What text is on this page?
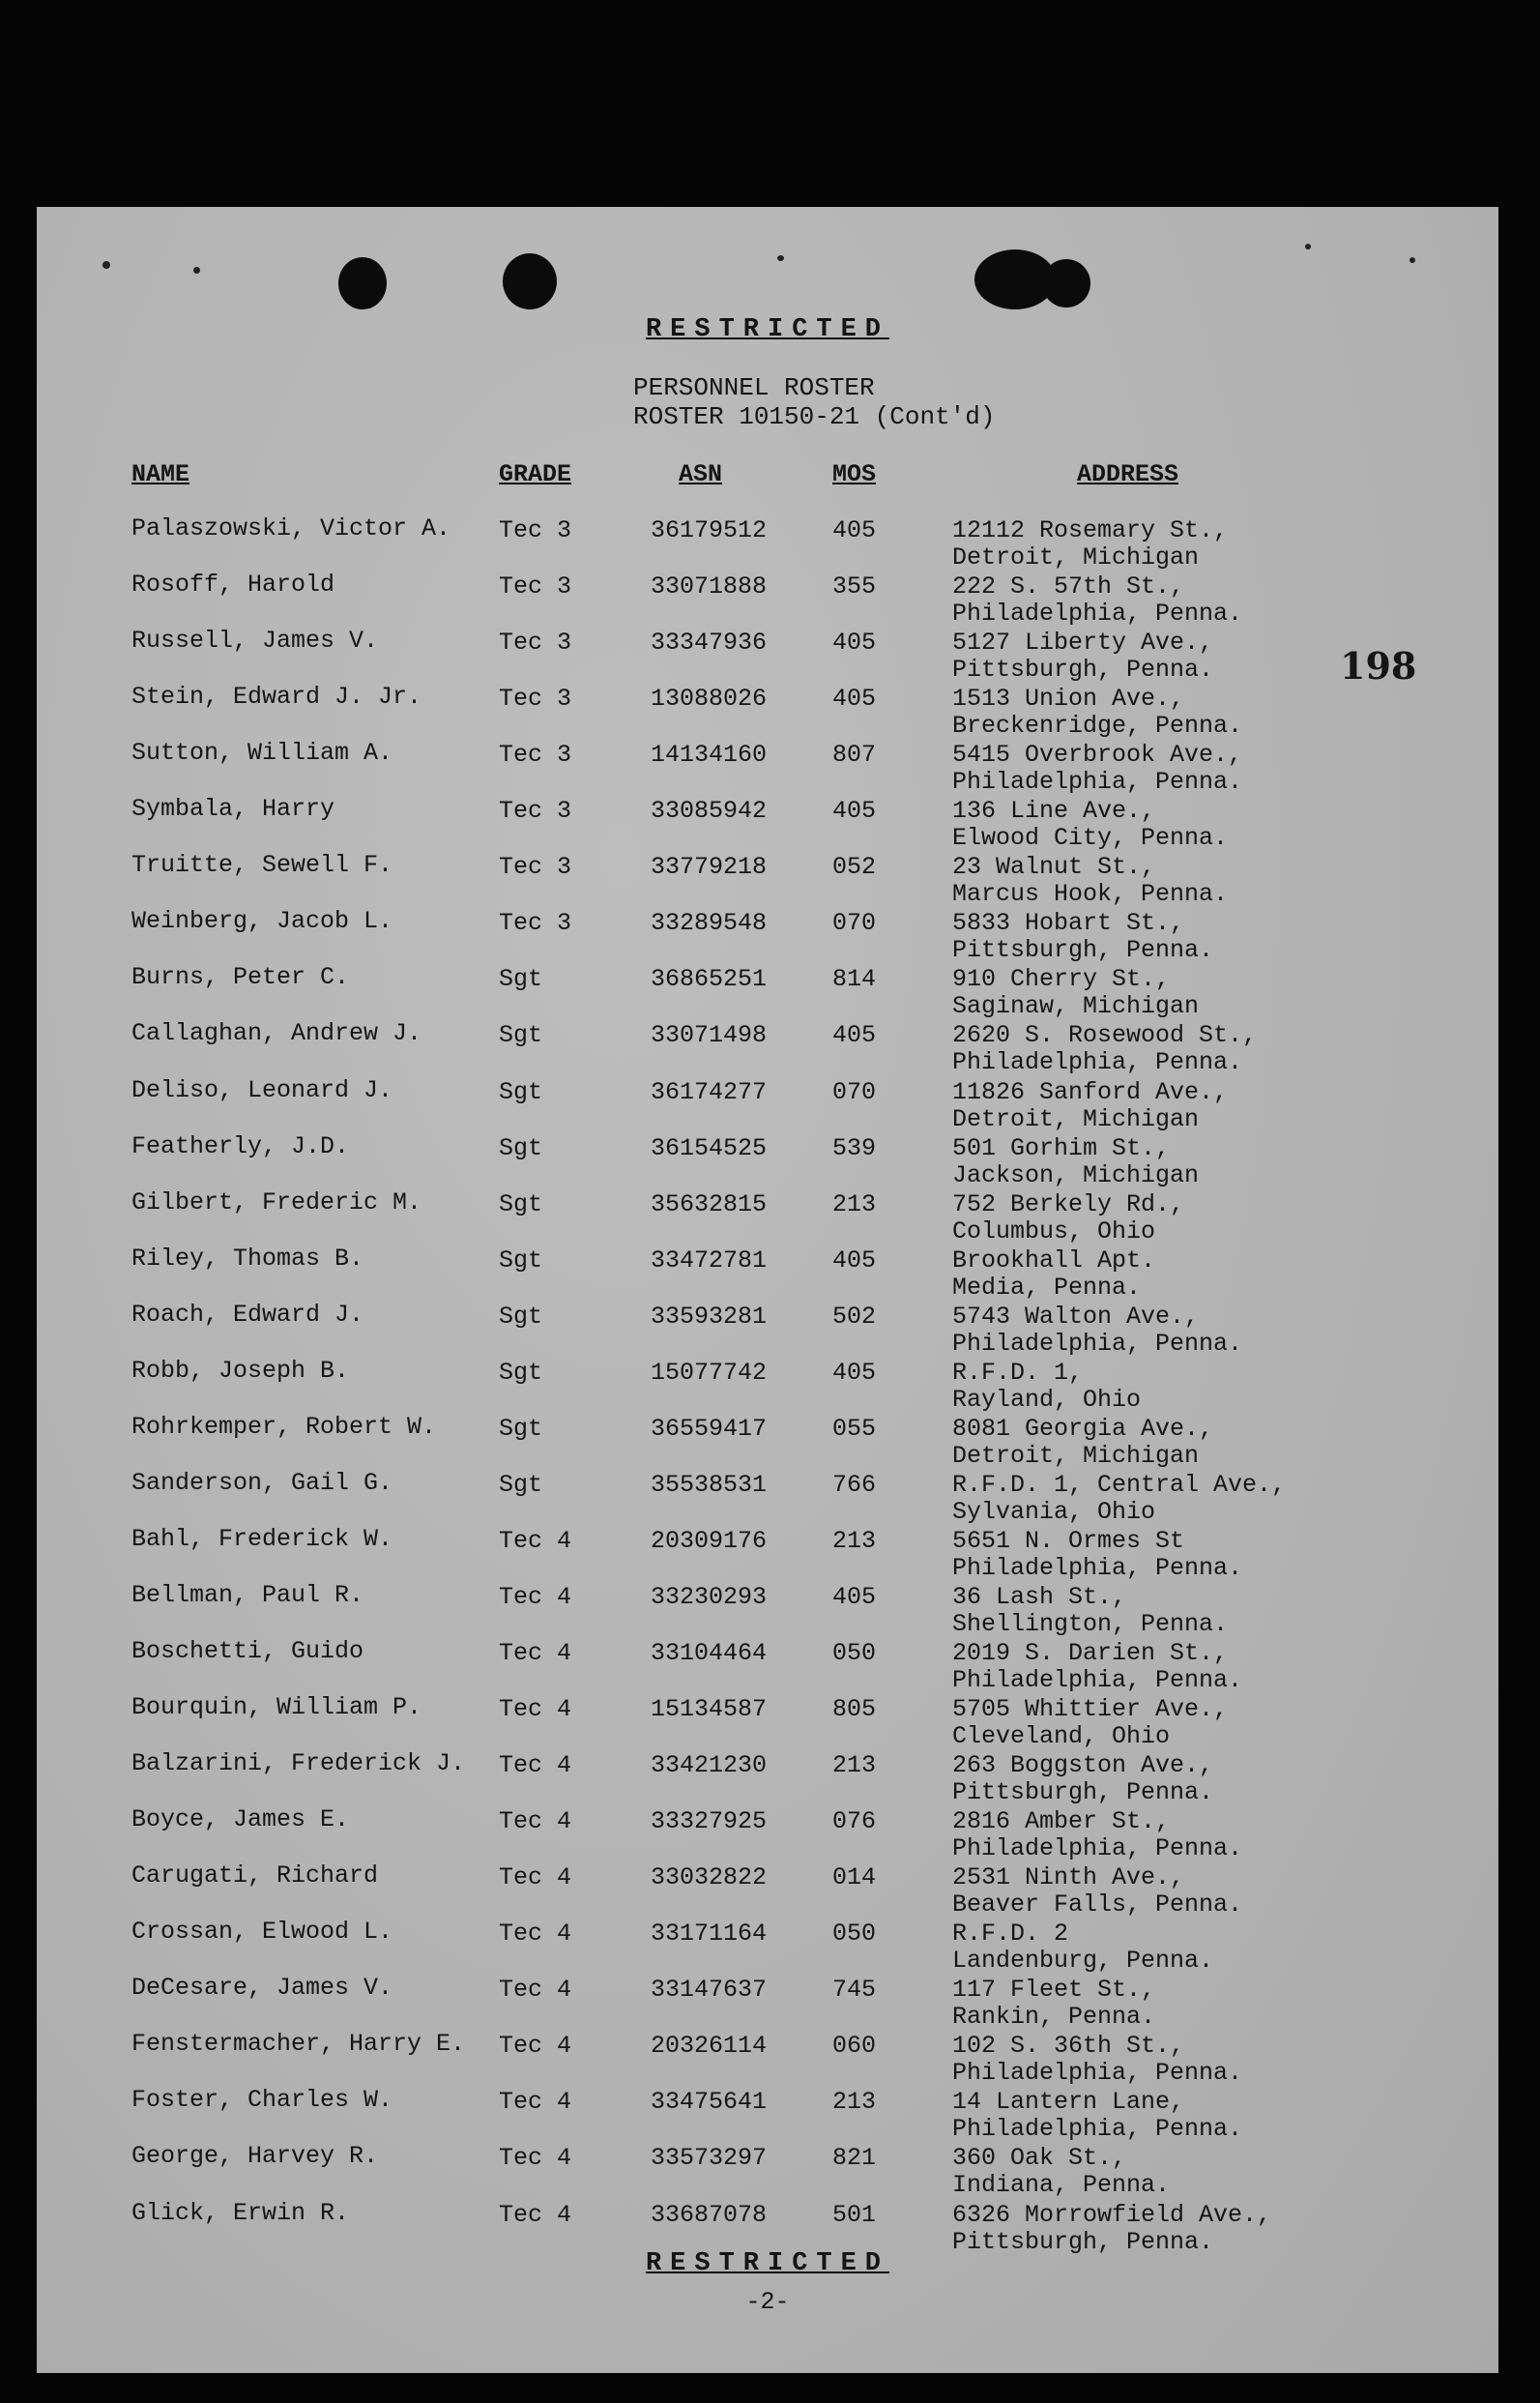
RESTRICTED
PERSONNEL ROSTER
ROSTER 10150-21 (Cont'd)
NAME	GRADE	ASN	MOS	ADDRESS
198
Palaszowski, Victor A. Tec 3	36179512	405	12112 Rosemary St.,
Detroit, Michigan
Rosoff, Harold	Tec 3	33071888	355	222 S. 57th St.,
Philadelphia, Penna.
Russell, James V.	Tec 3	33347936	405	5127 Liberty Ave.,
Pittsburgh, Penna.
Stein, Edward J. Jr.	Tec 3	13088026	405	1513 Union Ave.,
Breckenridge, Penna.
Sutton, William A.	Tec 3	14134160	807	5415 Overbrook Ave.,
Philadelphia, Penna.
Symbala, Harry	Tec 3	33085942	405	136 Line Ave.,
Elwood City, Penna.
Truitte, Sewell F.	Tec 3	33779218	052	23 Walnut St.,
Marcus Hook, Penna.
Weinberg, Jacob L.	Tec 3	33289548	070	5833 Hobart St.,
Pittsburgh, Penna.
Burns, Peter C.	Sgt	36865251	814	910 Cherry St.,
Saginaw, Michigan
Callaghan, Andrew J.	Sgt	33071498	405	2620 S. Rosewood St.,
Philadelphia, Penna.
Deliso, Leonard J.	Sgt	36174277	070	11826 Sanford Ave.,
Detroit, Michigan
Featherly, J.D.	Sgt	36154525	539	501 Gorhim St.,
Jackson, Michigan
Gilbert, Frederic M.	Sgt	35632815	213	752 Berkely Rd.,
Columbus, Ohio
Riley, Thomas B.	Sgt	33472781	405	Brookhall Apt.
Media, Penna.
Roach, Edward J.	Sgt	33593281	502	5743 Walton Ave.,
Philadelphia, Penna.
Robb, Joseph B.	Sgt	15077742	405	R.F.D. 1,
Rayland, Ohio
Rohrkemper, Robert W.	Sgt	36559417	055	8081 Georgia Ave.,
Detroit, Michigan
Sanderson, Gail G.	Sgt	35538531	766	R.F.D. 1, Central Ave.,
Sylvania, Ohio
Bahl, Frederick W.	Tec 4	20309176	213	5651 N. Ormes St
Philadelphia, Penna.
Bellman, Paul R.	Tec 4	33230293	405	36 Lash St.,
Shellington, Penna.
Boschetti, Guido	Tec 4	33104464	050	2019 S. Darien St.,
Philadelphia, Penna.
Bourquin, William P.	Tec 4	15134587	805	5705 Whittier Ave.,
Cleveland, Ohio
Balzarini, Frederick J. Tec 4	33421230	213	263 Boggston Ave.,
Pittsburgh, Penna.
Boyce, James E.	Tec 4	33327925	076	2816 Amber St.,
Philadelphia, Penna.
Carugati, Richard	Tec 4	33032822	014	2531 Ninth Ave.,
Beaver Falls, Penna.
Crossan, Elwood L.	Tec 4	33171164	050	R.F.D. 2
Landenburg, Penna.
DeCesare, James V.	Tec 4	33147637	745	117 Fleet St.,
Rankin, Penna.
Fenstermacher, Harry E. Tec 4	20326114	060	102 S. 36th St.,
Philadelphia, Penna.
Foster, Charles W.	Tec 4	33475641	213	14 Lantern Lane,
Philadelphia, Penna.
George, Harvey R.	Tec 4	33573297	821	360 Oak St.,
Indiana, Penna.
Glick, Erwin R.	Tec 4	33687078	501	6326 Morrowfield Ave.,
Pittsburgh, Penna.
RESTRICTED
-2-
